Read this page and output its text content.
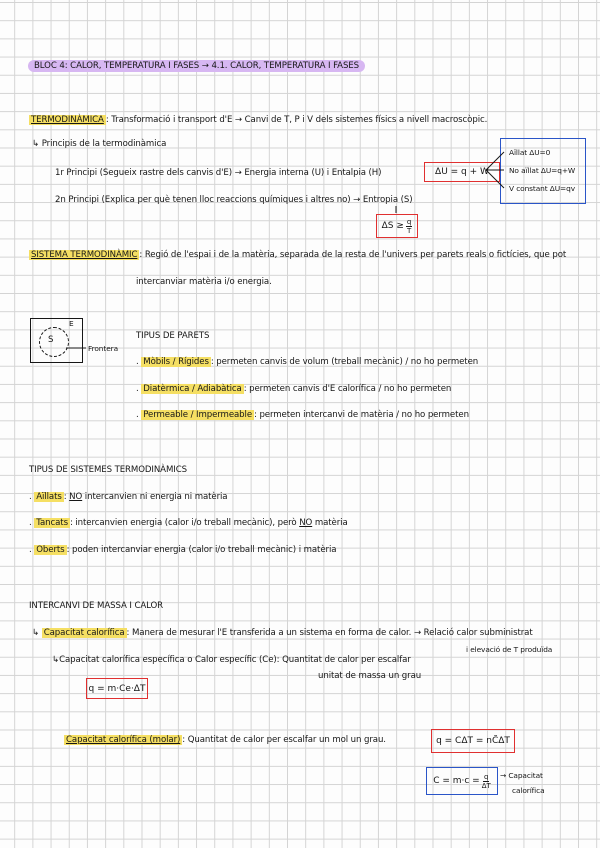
BLOC 4: CALOR, TEMPERATURA I FASES → 4.1. CALOR, TEMPERATURA I FASES
TERMODINÀMICA : Transformació i transport d'E → Canvi de T, P i V dels sistemes físics a nivell macroscòpic.
↳ Principis de la termodinàmica
1r Principi (Segueix rastre dels canvis d'E) → Energia interna (U) i Entalpia (H)	ΔU = q + W
2n Principi (Explica per què tenen lloc reaccions químiques i altres no) → Entropia (S)
$\Delta S \ge \frac{q}{T}$
Aïllat ΔU=0
No aïllat ΔU=q+W
V constant ΔU=qv
SISTEMA TERMODINÀMIC : Regió de l'espai i de la matèria, separada de la resta de l'univers per parets reals o fictícies, que pot
intercanviar matèria i/o energia.
S
E
Frontera
TIPUS DE PARETS
. Mòbils / Rígides : permeten canvis de volum (treball mecànic) / no ho permeten
. Diatèrmica / Adiabàtica : permeten canvis d'E calorífica / no ho permeten
. Permeable / Impermeable : permeten intercanvi de matèria / no ho permeten
TIPUS DE SISTEMES TERMODINÀMICS
. Aïllats : NO intercanvien ni energia ni matèria
. Tancats : intercanvien energia (calor i/o treball mecànic), però NO matèria
. Oberts : poden intercanviar energia (calor i/o treball mecànic) i matèria
INTERCANVI DE MASSA I CALOR
↳ Capacitat calorífica : Manera de mesurar l'E transferida a un sistema en forma de calor. → Relació calor subministrat
i elevació de T produïda
↳Capacitat calorífica específica o Calor específic (Ce): Quantitat de calor per escalfar
unitat de massa un grau
q = m·Ce·ΔT
Capacitat calorífica (molar) : Quantitat de calor per escalfar un mol un grau.	q = CΔT = nC̃ΔT
$C = m\cdot c = \frac{q}{\Delta T}$ → Capacitat
calorífica
